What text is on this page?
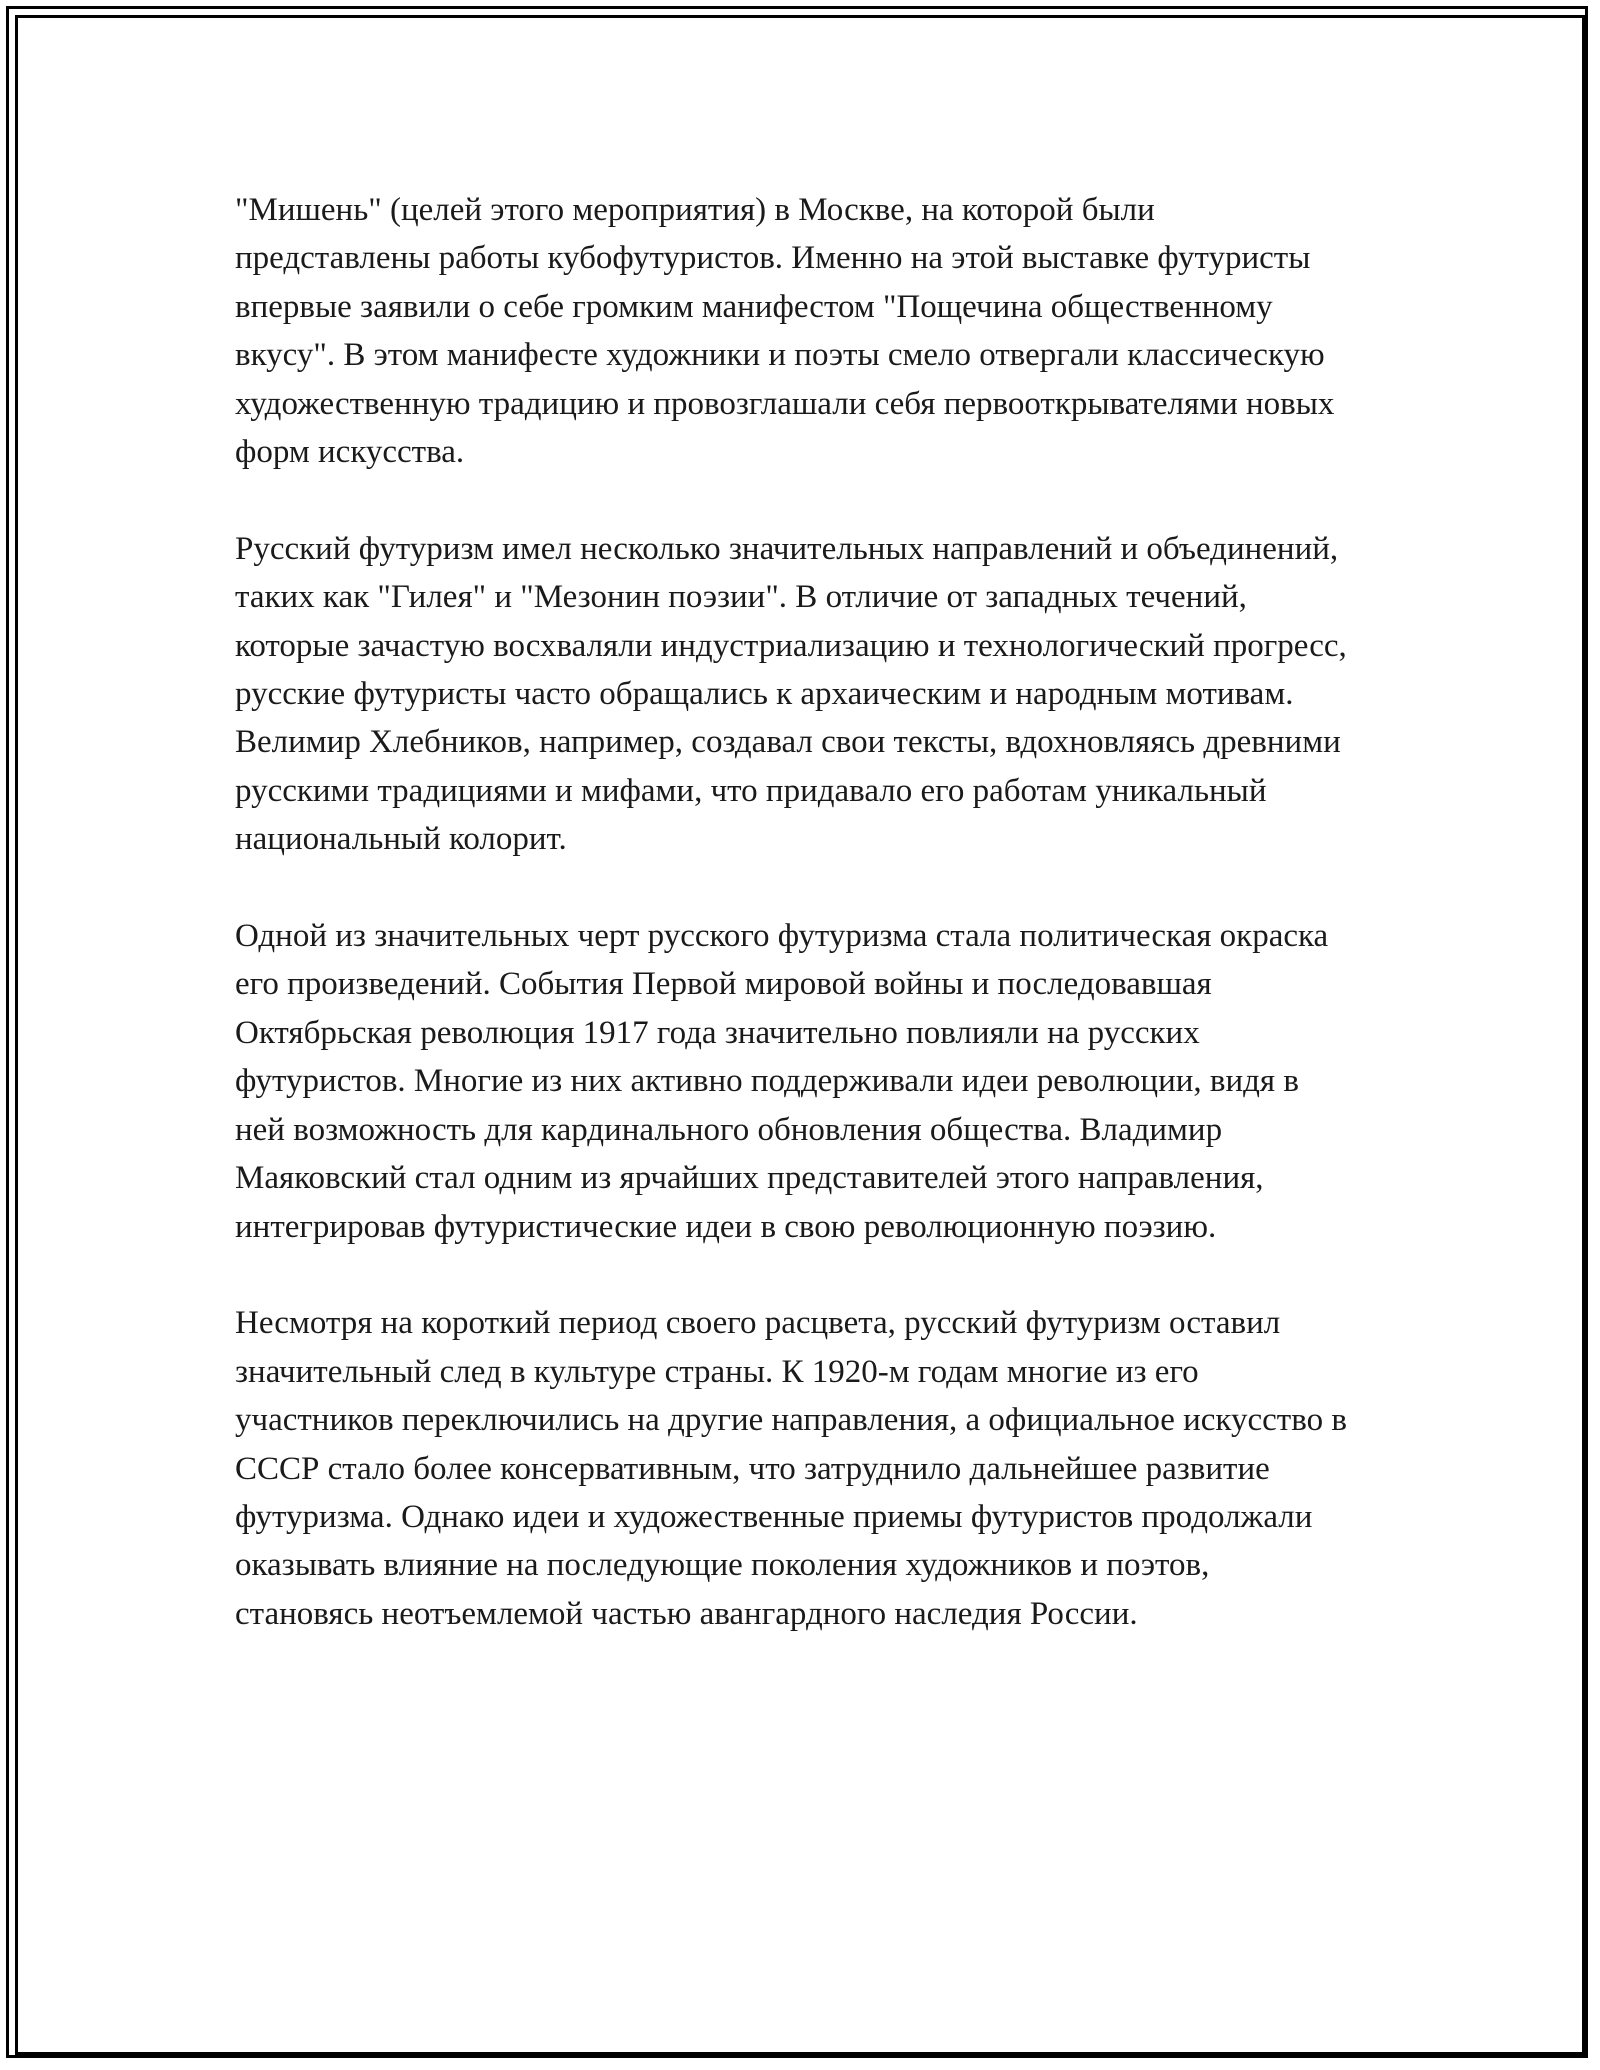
"Мишень" (целей этого мероприятия) в Москве, на которой были представлены работы кубофутуристов. Именно на этой выставке футуристы впервые заявили о себе громким манифестом "Пощечина общественному вкусу". В этом манифесте художники и поэты смело отвергали классическую художественную традицию и провозглашали себя первооткрывателями новых форм искусства.

Русский футуризм имел несколько значительных направлений и объединений, таких как "Гилея" и "Мезонин поэзии". В отличие от западных течений, которые зачастую восхваляли индустриализацию и технологический прогресс, русские футуристы часто обращались к архаическим и народным мотивам. Велимир Хлебников, например, создавал свои тексты, вдохновляясь древними русскими традициями и мифами, что придавало его работам уникальный национальный колорит.

Одной из значительных черт русского футуризма стала политическая окраска его произведений. События Первой мировой войны и последовавшая Октябрьская революция 1917 года значительно повлияли на русских футуристов. Многие из них активно поддерживали идеи революции, видя в ней возможность для кардинального обновления общества. Владимир Маяковский стал одним из ярчайших представителей этого направления, интегрировав футуристические идеи в свою революционную поэзию.

Несмотря на короткий период своего расцвета, русский футуризм оставил значительный след в культуре страны. К 1920-м годам многие из его участников переключились на другие направления, а официальное искусство в СССР стало более консервативным, что затруднило дальнейшее развитие футуризма. Однако идеи и художественные приемы футуристов продолжали оказывать влияние на последующие поколения художников и поэтов, становясь неотъемлемой частью авангардного наследия России.
